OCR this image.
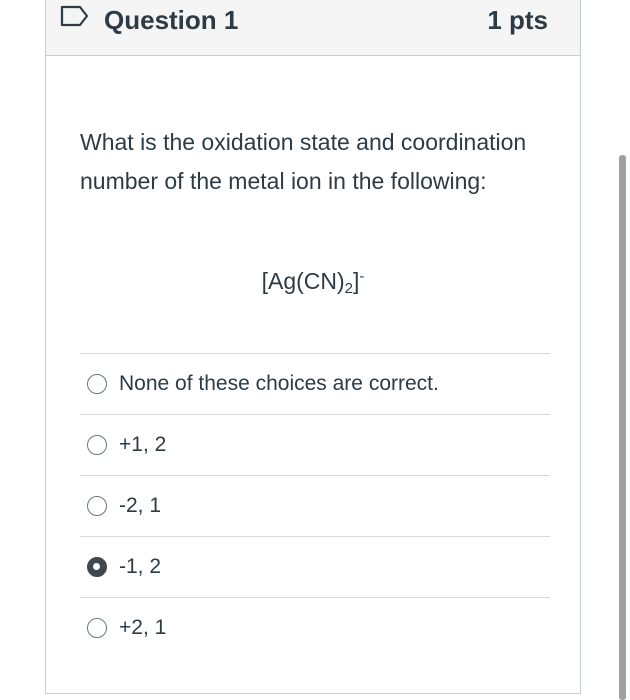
Question 1	1 pts
What is the oxidation state and coordination number of the metal ion in the following:
$[Ag(CN)_2]^-$
None of these choices are correct.
+1, 2
-2, 1
-1, 2
+2, 1
